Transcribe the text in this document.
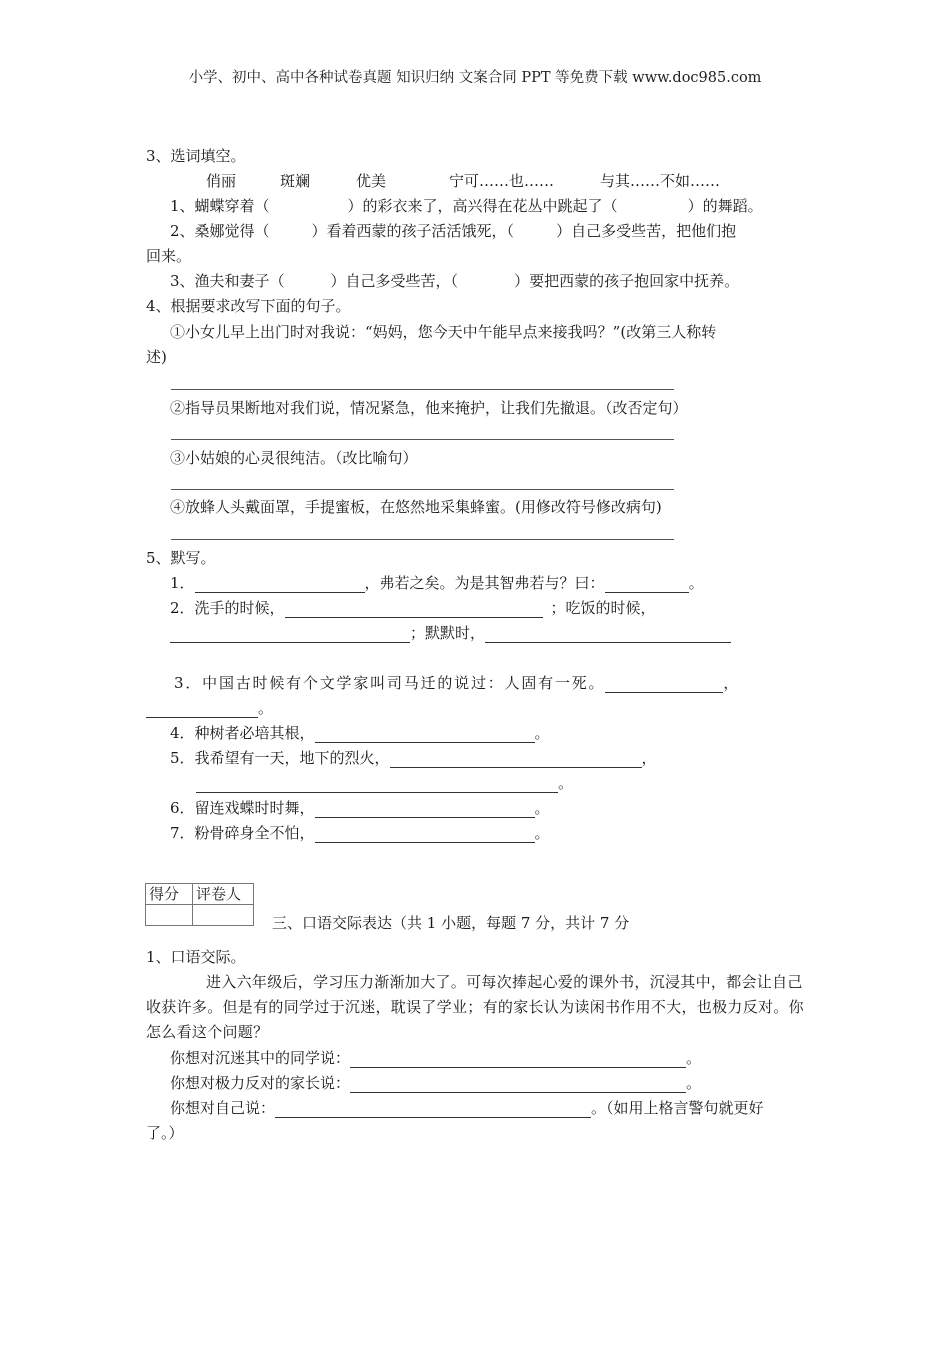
小学、初中、高中各种试卷真题 知识归纳 文案合同 PPT 等免费下载 www.doc985.com
3、选词填空。
俏丽	斑斓	优美	宁可……也……	与其……不如……
1、蝴蝶穿着（	）的彩衣来了，高兴得在花丛中跳起了（	）的舞蹈。
2、桑娜觉得（	）看着西蒙的孩子活活饿死，（	）自己多受些苦，把他们抱
回来。
3、渔夫和妻子（	）自己多受些苦，（	）要把西蒙的孩子抱回家中抚养。
4、根据要求改写下面的句子。
①小女儿早上出门时对我说：“妈妈，您今天中午能早点来接我吗？”(改第三人称转
述)
②指导员果断地对我们说，情况紧急，他来掩护，让我们先撤退。（改否定句）
③小姑娘的心灵很纯洁。（改比喻句）
④放蜂人头戴面罩，手提蜜板，在悠然地采集蜂蜜。(用修改符号修改病句)
5、默写。
1．	，弗若之矣。为是其智弗若与？曰：	。
2．洗手的时候，	；吃饭的时候，
；默默时，
3．中国古时候有个文学家叫司马迁的说过：人固有一死。	，
。
4．种树者必培其根，	。
5．我希望有一天，地下的烈火，	，
。
6．留连戏蝶时时舞，	。
7．粉骨碎身全不怕，	。
得分	评卷人

三、口语交际表达（共 1 小题，每题 7 分，共计 7 分
1、口语交际。
进入六年级后，学习压力渐渐加大了。可每次捧起心爱的课外书，沉浸其中，都会让自己收获许多。但是有的同学过于沉迷，耽误了学业；有的家长认为读闲书作用不大，也极力反对。你怎么看这个问题？
你想对沉迷其中的同学说：	。
你想对极力反对的家长说：	。
你想对自己说：	。（如用上格言警句就更好
了。）
